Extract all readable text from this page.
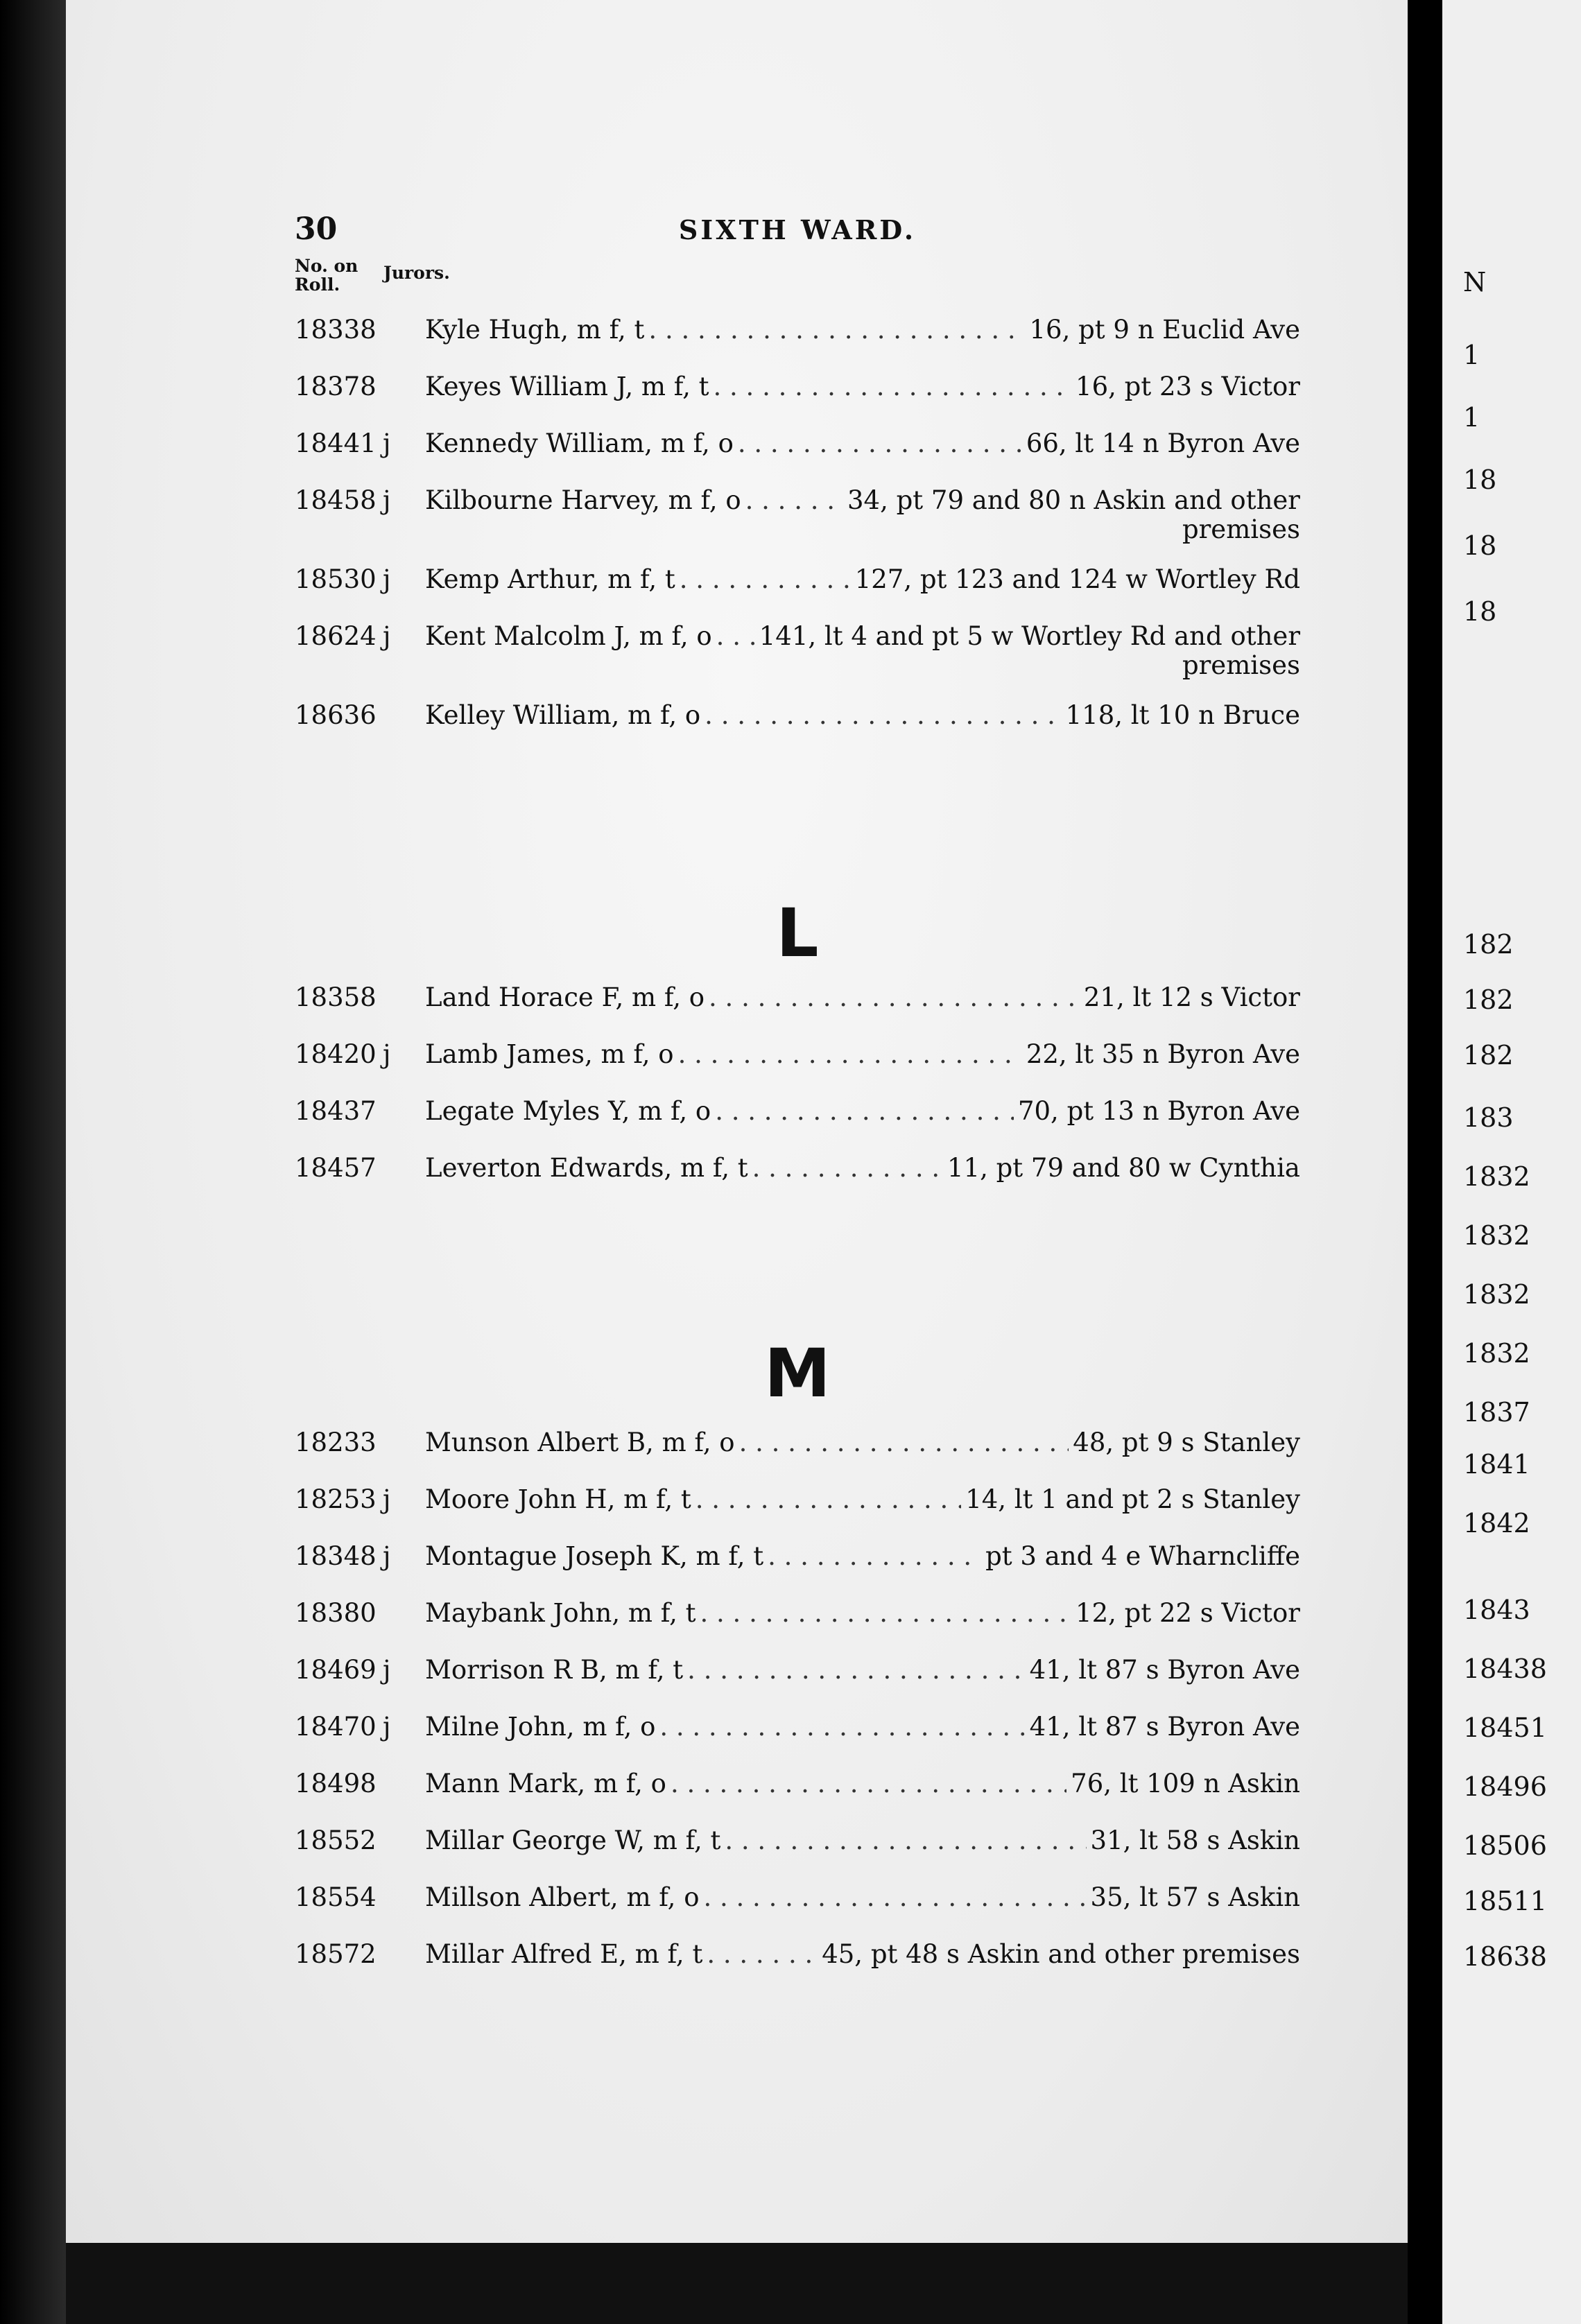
30	SIXTH WARD.
No. on Roll.
Jurors.
18338 Kyle Hugh, m f, t . . .	16, pt 9 n Euclid Ave
18378 Keyes William J, m f, t . . .	16, pt 23 s Victor
18441 j Kennedy William, m f, o . . .	66, lt 14 n Byron Ave
18458 j Kilbourne Harvey, m f, o . . .	34, pt 79 and 80 n Askin and other
premises
18530 j Kemp Arthur, m f, t . . .	127, pt 123 and 124 w Wortley Rd
18624 j Kent Malcolm J, m f, o . . . 141, lt 4 and pt 5 w Wortley Rd and other
premises
18636 Kelley William, m f, o . . .	118, lt 10 n Bruce
L
18358 Land Horace F, m f, o . . .	21, lt 12 s Victor
18420 j Lamb James, m f, o . . .	22, lt 35 n Byron Ave
18437 Legate Myles Y, m f, o . . .	70, pt 13 n Byron Ave
18457 Leverton Edwards, m f, t . . .	11, pt 79 and 80 w Cynthia
M
18233 Munson Albert B, m f, o . . .	48, pt 9 s Stanley
18253 j Moore John H, m f, t . . .	14, lt 1 and pt 2 s Stanley
18348 j Montague Joseph K, m f, t . . .	pt 3 and 4 e Wharncliffe
18380 Maybank John, m f, t . . .	12, pt 22 s Victor
18469 j Morrison R B, m f, t . . .	41, lt 87 s Byron Ave
18470 j Milne John, m f, o . . .	41, lt 87 s Byron Ave
18498 Mann Mark, m f, o . . .	76, lt 109 n Askin
18552 Millar George W, m f, t . . .	31, lt 58 s Askin
18554 Millson Albert, m f, o . . .	35, lt 57 s Askin
18572 Millar Alfred E, m f, t . . .	45, pt 48 s Askin and other premises
N
1
1
18
18
18
182
182
182
183
1832
1832
1832
1832
1837
1841
1842
1843
18438
18451
18496
18506
18511
18638
